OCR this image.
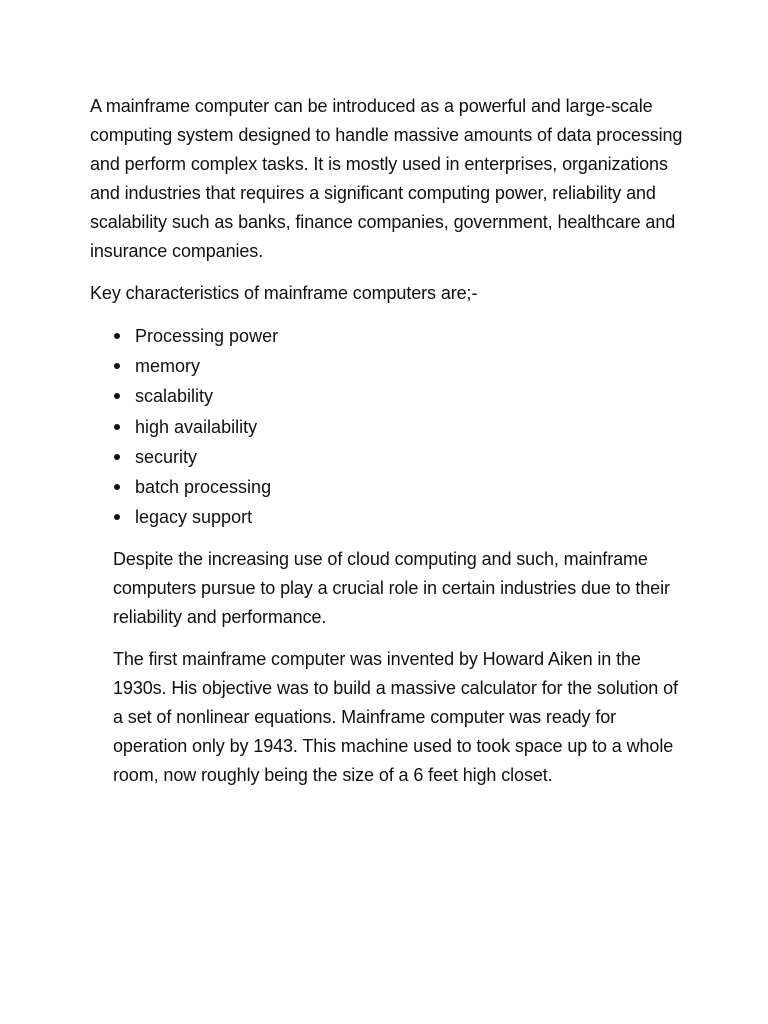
A mainframe computer can be introduced as a powerful and large-scale computing system designed to handle massive amounts of data processing and perform complex tasks. It is mostly used in enterprises, organizations and industries that requires a significant computing power, reliability and scalability such as banks, finance companies, government, healthcare and insurance companies.

Key characteristics of mainframe computers are;-

Processing power
memory
scalability
high availability
security
batch processing
legacy support

Despite the increasing use of cloud computing and such, mainframe computers pursue to play a crucial role in certain industries due to their reliability and performance.

The first mainframe computer was invented by Howard Aiken in the 1930s. His objective was to build a massive calculator for the solution of a set of nonlinear equations. Mainframe computer was ready for operation only by 1943. This machine used to took space up to a whole room, now roughly being the size of a 6 feet high closet.
